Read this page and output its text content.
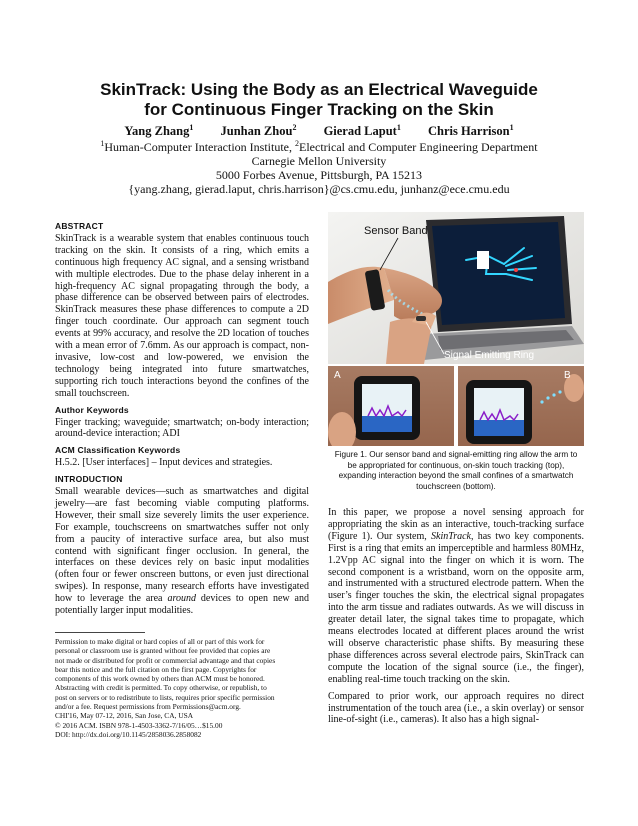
SkinTrack: Using the Body as an Electrical Waveguide
for Continuous Finger Tracking on the Skin
Yang Zhang$^1$ Junhan Zhou$^2$ Gierad Laput$^1$ Chris Harrison$^1$
$^1$Human-Computer Interaction Institute, $^2$Electrical and Computer Engineering Department
Carnegie Mellon University
5000 Forbes Avenue, Pittsburgh, PA 15213
{yang.zhang, gierad.laput, chris.harrison}@cs.cmu.edu, junhanz@ece.cmu.edu
ABSTRACT

SkinTrack is a wearable system that enables continuous touch tracking on the skin. It consists of a ring, which emits a continuous high frequency AC signal, and a sensing wristband with multiple electrodes. Due to the phase delay inherent in a high-frequency AC signal propagating through the body, a phase difference can be observed between pairs of electrodes. SkinTrack measures these phase differences to compute a 2D finger touch coordinate. Our approach can segment touch events at 99% accuracy, and resolve the 2D location of touches with a mean error of 7.6mm. As our approach is compact, non-invasive, low-cost and low-powered, we envision the technology being integrated into future smartwatches, supporting rich touch interactions beyond the confines of the small touchscreen.

Author Keywords

Finger tracking; waveguide; smartwatch; on-body interaction; around-device interaction; ADI

ACM Classification Keywords

H.5.2. [User interfaces] – Input devices and strategies.

INTRODUCTION

Small wearable devices—such as smartwatches and digital jewelry—are fast becoming viable computing platforms. However, their small size severely limits the user experience. For example, touchscreens on smartwatches suffer not only from a paucity of interactive surface area, but also must contend with significant finger occlusion. In general, the interfaces on these devices rely on basic input modalities (often four or fewer onscreen buttons, or even just directional swipes). In response, many research efforts have investigated how to leverage the area around devices to open new and potentially larger input modalities.

Permission to make digital or hard copies of all or part of this work for
personal or classroom use is granted without fee provided that copies are
not made or distributed for profit or commercial advantage and that copies
bear this notice and the full citation on the first page. Copyrights for
components of this work owned by others than ACM must be honored.
Abstracting with credit is permitted. To copy otherwise, or republish, to
post on servers or to redistribute to lists, requires prior specific permission
and/or a fee. Request permissions from Permissions@acm.org.
CHI'16, May 07-12, 2016, San Jose, CA, USA
© 2016 ACM. ISBN 978-1-4503-3362-7/16/05…$15.00
DOI: http://dx.doi.org/10.1145/2858036.2858082
Sensor Band
Signal Emitting Ring
A	B
Figure 1. Our sensor band and signal-emitting ring allow the arm to be appropriated for continuous, on-skin touch tracking (top), expanding interaction beyond the small confines of a smartwatch touchscreen (bottom).

In this paper, we propose a novel sensing approach for appropriating the skin as an interactive, touch-tracking surface (Figure 1). Our system, SkinTrack, has two key components. First is a ring that emits an imperceptible and harmless 80MHz, 1.2Vpp AC signal into the finger on which it is worn. The second component is a wristband, worn on the opposite arm, and instrumented with a structured electrode pattern. When the user’s finger touches the skin, the electrical signal propagates into the arm tissue and radiates outwards. As we will discuss in greater detail later, the signal takes time to propagate, which means electrodes located at different places around the wrist will observe characteristic phase shifts. By measuring these phase differences across several electrode pairs, SkinTrack can compute the location of the signal source (i.e., the finger), enabling real-time touch tracking on the skin.

Compared to prior work, our approach requires no direct instrumentation of the touch area (i.e., a skin overlay) or sensor line-of-sight (i.e., cameras). It also has a high signal-
